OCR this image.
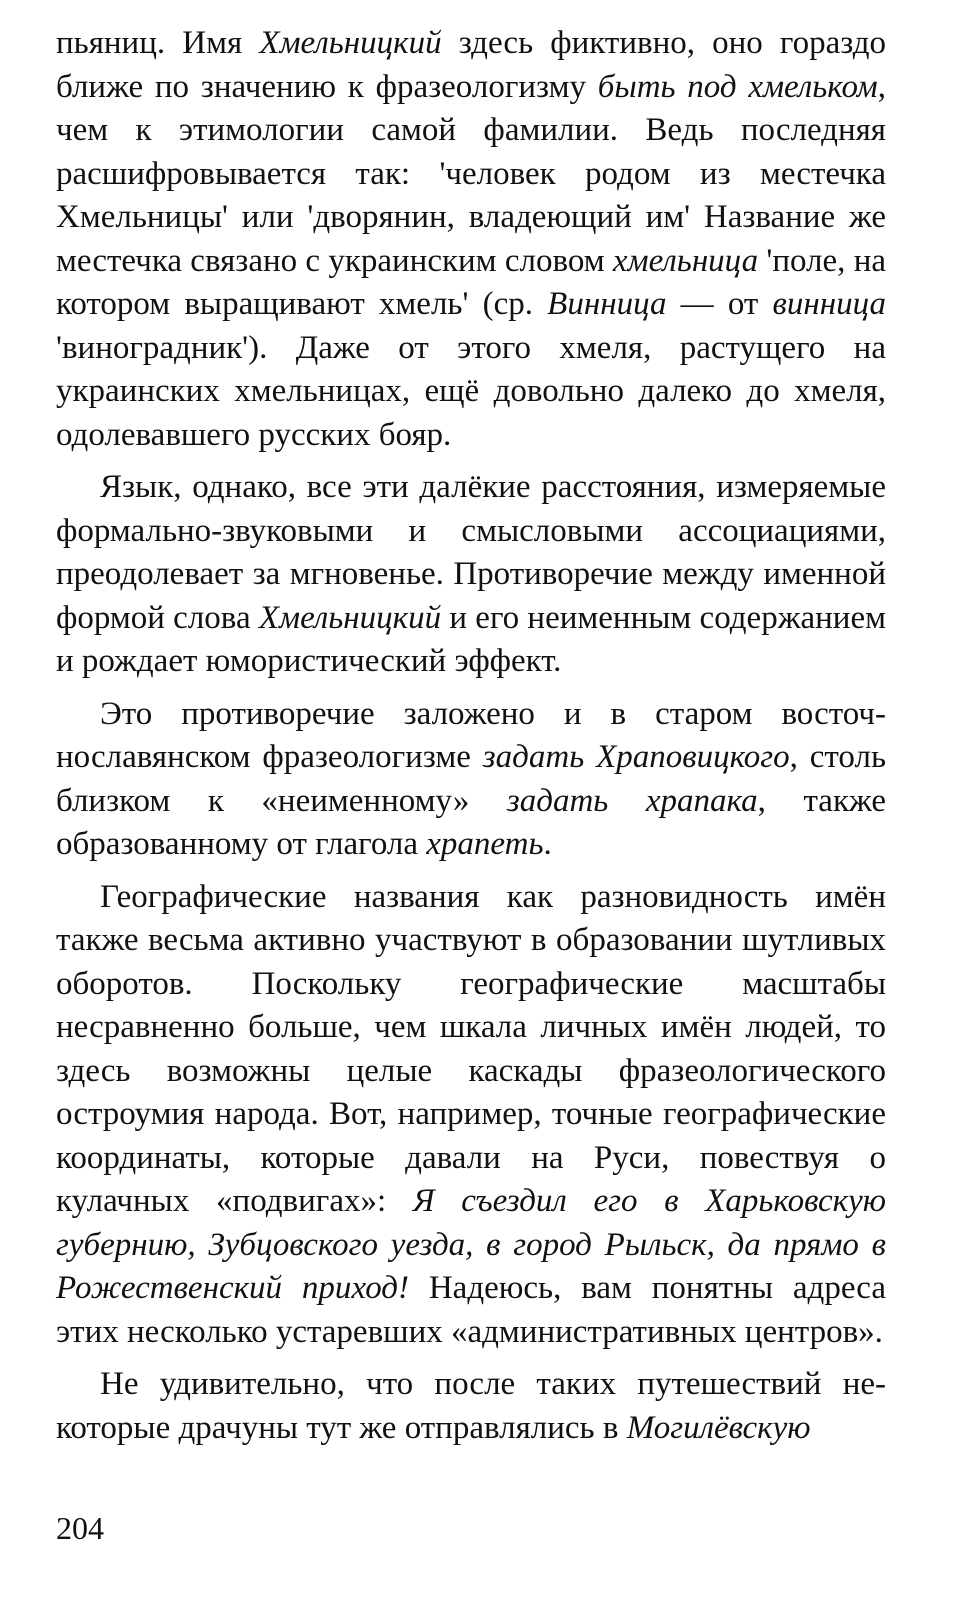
пьяниц. Имя Хмельницкий здесь фиктивно, оно гораздо ближе по значению к фразеологизму быть под хмельком, чем к этимологии самой фамилии. Ведь последняя расшифровывается так: 'человек родом из местечка Хмельницы' или 'дворянин, владеющий им' Название же местечка связано с украинским словом хмельница 'поле, на котором выращивают хмель' (ср. Винница — от винница 'виноградник'). Даже от этого хмеля, растущего на украинских хмельницах, ещё довольно далеко до хмеля, одолевавшего русских бояр.

Язык, однако, все эти далёкие расстояния, измеряемые формально-звуковыми и смысловыми ассоциациями, преодолевает за мгновенье. Противоречие между именной формой слова Хмельницкий и его неименным содержанием и рождает юмористический эффект.

Это противоречие заложено и в старом восточнославянском фразеологизме задать Храповицкого, столь близком к «неименному» задать храпака, также образованному от глагола храпеть.

Географические названия как разновидность имён также весьма активно участвуют в образовании шутливых оборотов. Поскольку географические масштабы несравненно больше, чем шкала личных имён людей, то здесь возможны целые каскады фразеологического остроумия народа. Вот, например, точные географические координаты, которые давали на Руси, повествуя о кулачных «подвигах»: Я съездил его в Харьковскую губернию, Зубцовского уезда, в город Рыльск, да прямо в Рожественский приход! Надеюсь, вам понятны адреса этих несколько устаревших «административных центров».

Не удивительно, что после таких путешествий некоторые драчуны тут же отправлялись в Могилёвскую

204
